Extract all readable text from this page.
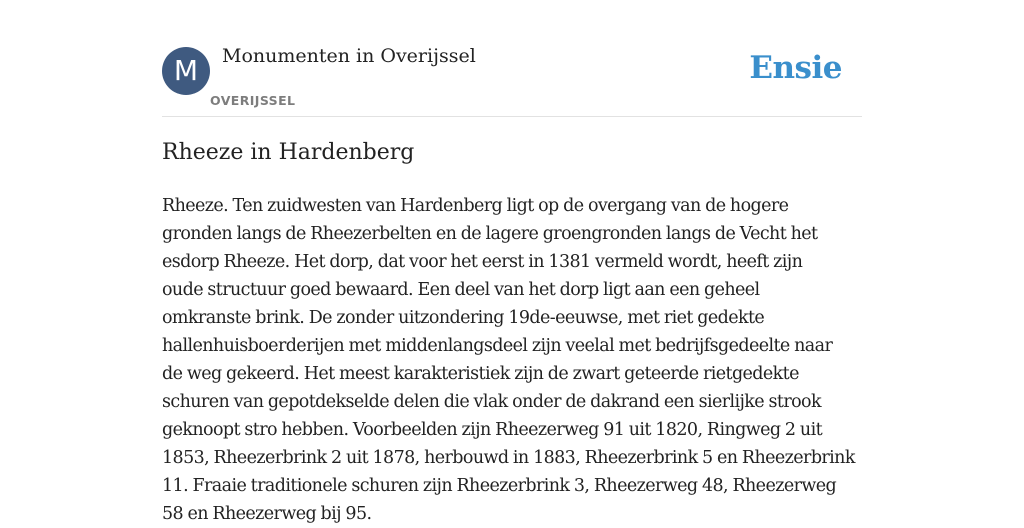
M	Monumenten in Overijssel
OVERIJSSEL
Ensie
Rheeze in Hardenberg

Rheeze. Ten zuidwesten van Hardenberg ligt op de overgang van de hogere
gronden langs de Rheezerbelten en de lagere groengronden langs de Vecht het
esdorp Rheeze. Het dorp, dat voor het eerst in 1381 vermeld wordt, heeft zijn
oude structuur goed bewaard. Een deel van het dorp ligt aan een geheel
omkranste brink. De zonder uitzondering 19de-eeuwse, met riet gedekte
hallenhuisboerderijen met middenlangsdeel zijn veelal met bedrijfsgedeelte naar
de weg gekeerd. Het meest karakteristiek zijn de zwart geteerde rietgedekte
schuren van gepotdekselde delen die vlak onder de dakrand een sierlijke strook
geknoopt stro hebben. Voorbeelden zijn Rheezerweg 91 uit 1820, Ringweg 2 uit
1853, Rheezerbrink 2 uit 1878, herbouwd in 1883, Rheezerbrink 5 en Rheezerbrink
11. Fraaie traditionele schuren zijn Rheezerbrink 3, Rheezerweg 48, Rheezerweg
58 en Rheezerweg bij 95.
